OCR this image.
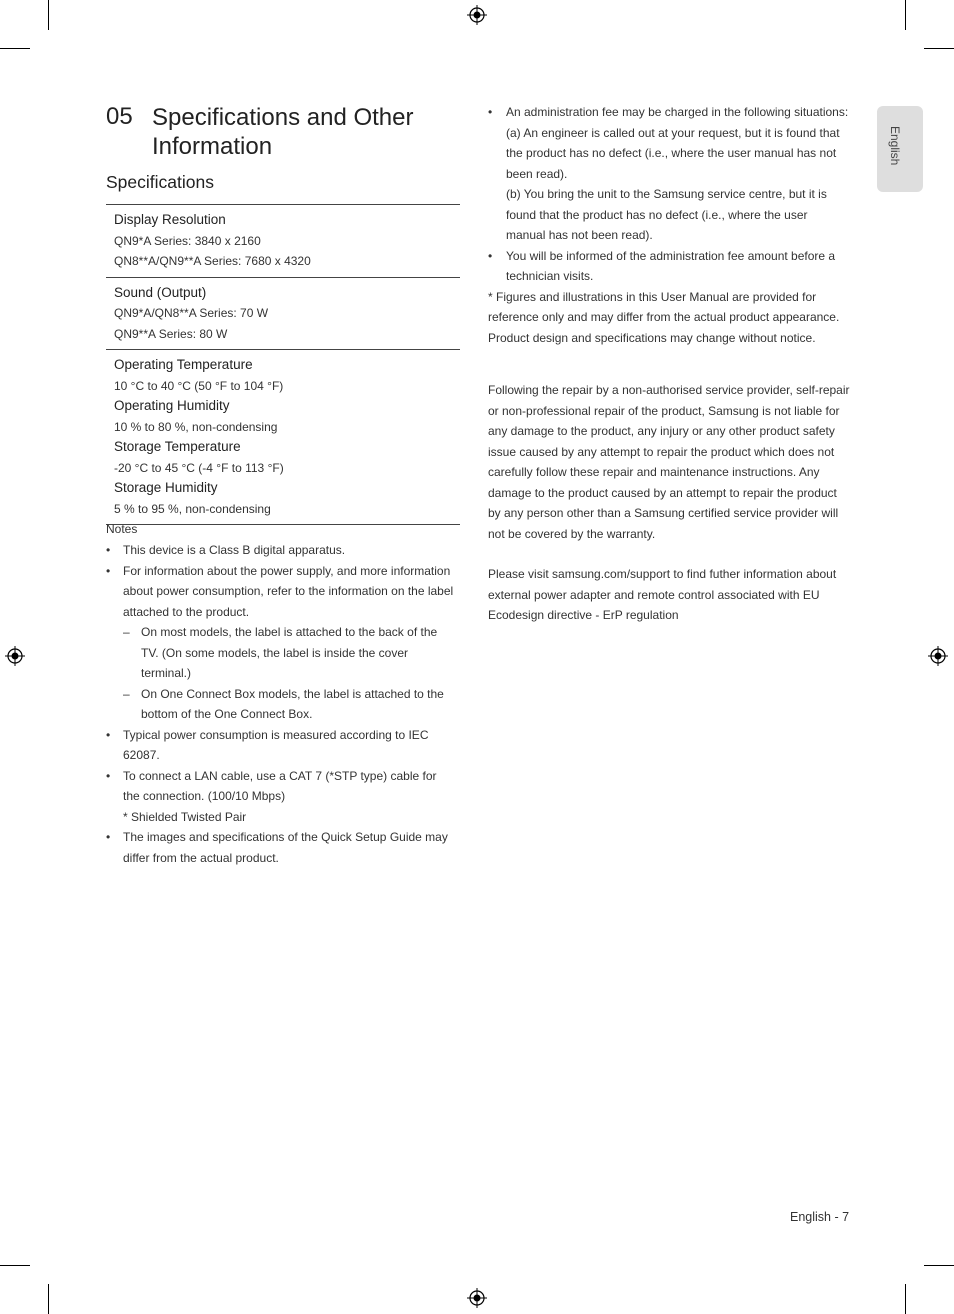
05 Specifications and Other
Information
Specifications
Display Resolution
QN9*A Series: 3840 x 2160
QN8**A/QN9**A Series: 7680 x 4320
Sound (Output)
QN9*A/QN8**A Series: 70 W
QN9**A Series: 80 W
Operating Temperature
10 °C to 40 °C (50 °F to 104 °F)
Operating Humidity
10 % to 80 %, non-condensing
Storage Temperature
-20 °C to 45 °C (-4 °F to 113 °F)
Storage Humidity
5 % to 95 %, non-condensing
Notes
• This device is a Class B digital apparatus.
• For information about the power supply, and more information about power consumption, refer to the information on the label attached to the product.
– On most models, the label is attached to the back of the TV. (On some models, the label is inside the cover terminal.)
– On One Connect Box models, the label is attached to the bottom of the One Connect Box.
• Typical power consumption is measured according to IEC 62087.
• To connect a LAN cable, use a CAT 7 (*STP type) cable for the connection. (100/10 Mbps)
* Shielded Twisted Pair
• The images and specifications of the Quick Setup Guide may differ from the actual product.
• An administration fee may be charged in the following situations:
(a) An engineer is called out at your request, but it is found that the product has no defect (i.e., where the user manual has not been read).
(b) You bring the unit to the Samsung service centre, but it is found that the product has no defect (i.e., where the user manual has not been read).
• You will be informed of the administration fee amount before a technician visits.

* Figures and illustrations in this User Manual are provided for reference only and may differ from the actual product appearance. Product design and specifications may change without notice.

Following the repair by a non-authorised service provider, self-repair or non-professional repair of the product, Samsung is not liable for any damage to the product, any injury or any other product safety issue caused by any attempt to repair the product which does not carefully follow these repair and maintenance instructions. Any damage to the product caused by an attempt to repair the product by any person other than a Samsung certified service provider will not be covered by the warranty.

Please visit samsung.com/support to find futher information about external power adapter and remote control associated with EU Ecodesign directive - ErP regulation

English
English - 7
